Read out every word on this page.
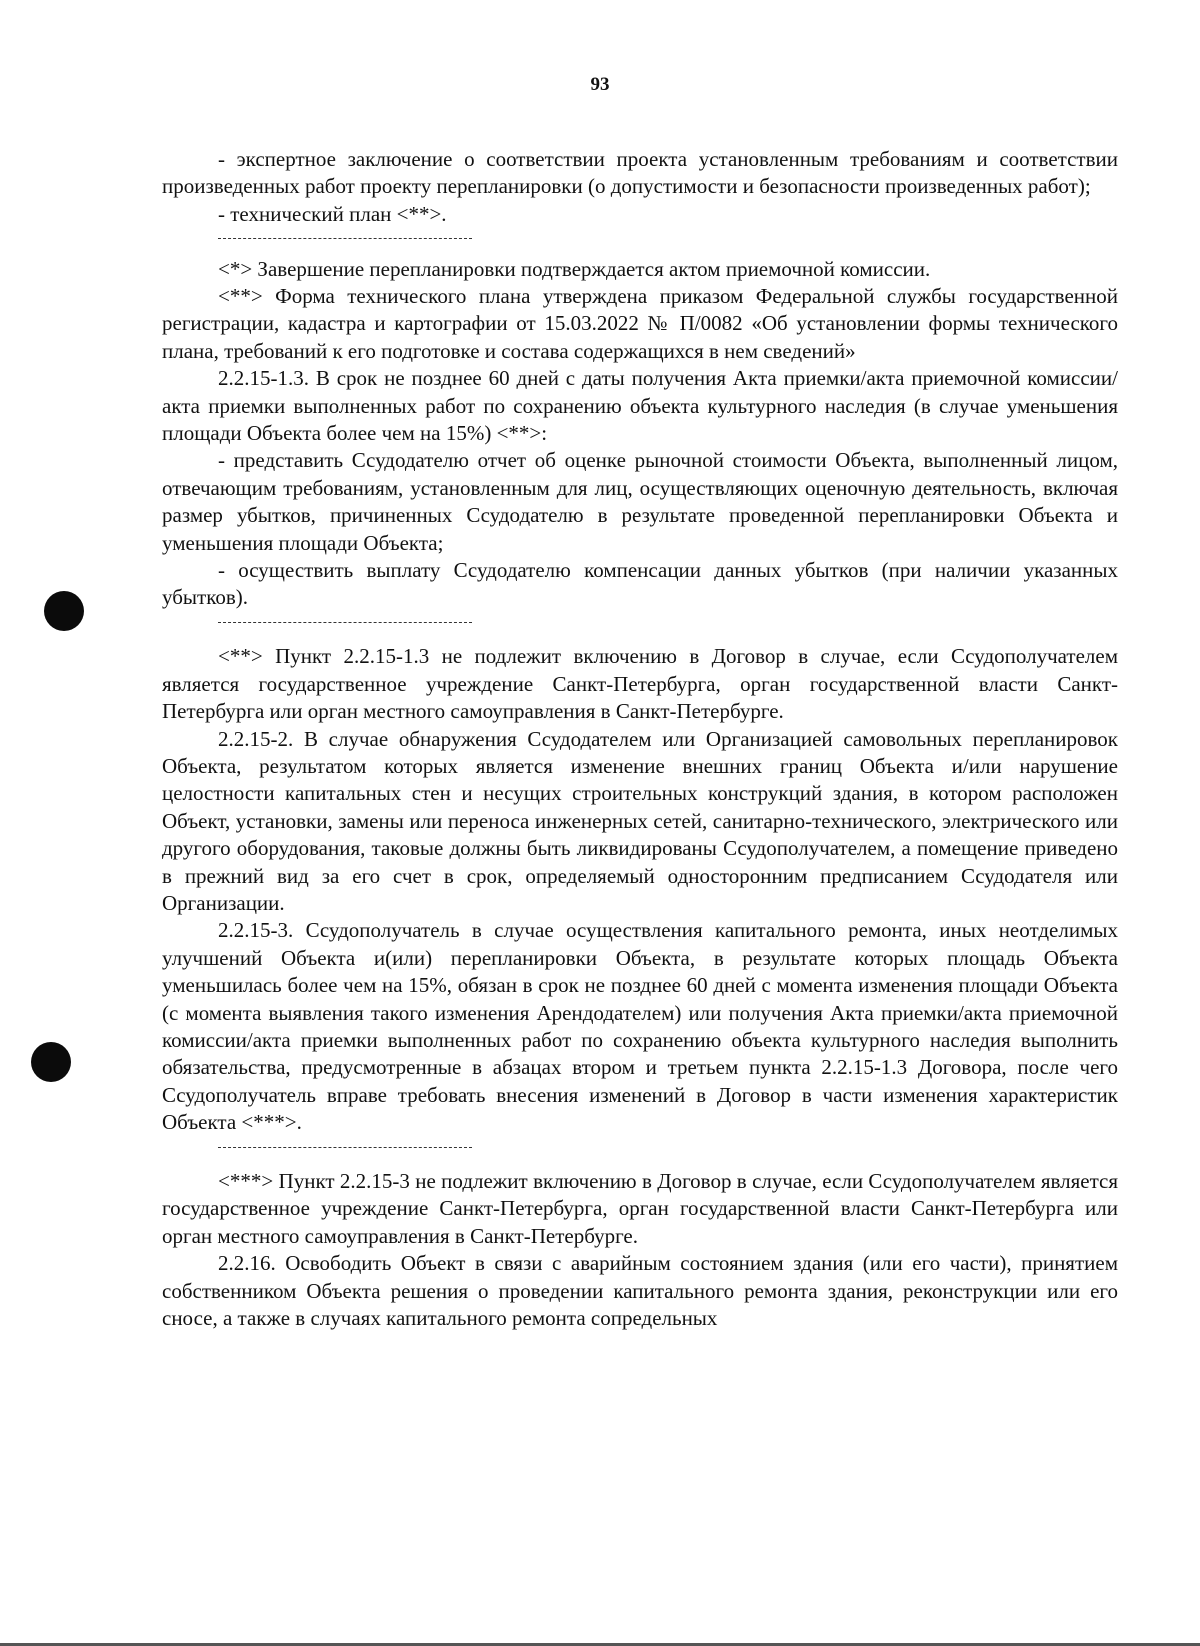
93

- экспертное заключение о соответствии проекта установленным требованиям и соответствии произведенных работ проекту перепланировки (о допустимости и безопасности произведенных работ);

- технический план <**>.

<*> Завершение перепланировки подтверждается актом приемочной комиссии.

<**> Форма технического плана утверждена приказом Федеральной службы государственной регистрации, кадастра и картографии от 15.03.2022 № П/0082 «Об установлении формы технического плана, требований к его подготовке и состава содержащихся в нем сведений»

2.2.15-1.3. В срок не позднее 60 дней с даты получения Акта приемки/акта приемочной комиссии/акта приемки выполненных работ по сохранению объекта культурного наследия (в случае уменьшения площади Объекта более чем на 15%) <**>:

- представить Ссудодателю отчет об оценке рыночной стоимости Объекта, выполненный лицом, отвечающим требованиям, установленным для лиц, осуществляющих оценочную деятельность, включая размер убытков, причиненных Ссудодателю в результате проведенной перепланировки Объекта и уменьшения площади Объекта;

- осуществить выплату Ссудодателю компенсации данных убытков (при наличии указанных убытков).

<**> Пункт 2.2.15-1.3 не подлежит включению в Договор в случае, если Ссудополучателем является государственное учреждение Санкт-Петербурга, орган государственной власти Санкт-Петербурга или орган местного самоуправления в Санкт-Петербурге.

2.2.15-2. В случае обнаружения Ссудодателем или Организацией самовольных перепланировок Объекта, результатом которых является изменение внешних границ Объекта и/или нарушение целостности капитальных стен и несущих строительных конструкций здания, в котором расположен Объект, установки, замены или переноса инженерных сетей, санитарно-технического, электрического или другого оборудования, таковые должны быть ликвидированы Ссудополучателем, а помещение приведено в прежний вид за его счет в срок, определяемый односторонним предписанием Ссудодателя или Организации.

2.2.15-3. Ссудополучатель в случае осуществления капитального ремонта, иных неотделимых улучшений Объекта и(или) перепланировки Объекта, в результате которых площадь Объекта уменьшилась более чем на 15%, обязан в срок не позднее 60 дней с момента изменения площади Объекта (с момента выявления такого изменения Арендодателем) или получения Акта приемки/акта приемочной комиссии/акта приемки выполненных работ по сохранению объекта культурного наследия выполнить обязательства, предусмотренные в абзацах втором и третьем пункта 2.2.15-1.3 Договора, после чего Ссудополучатель вправе требовать внесения изменений в Договор в части изменения характеристик Объекта <***>.

<***> Пункт 2.2.15-3 не подлежит включению в Договор в случае, если Ссудополучателем является государственное учреждение Санкт-Петербурга, орган государственной власти Санкт-Петербурга или орган местного самоуправления в Санкт-Петербурге.

2.2.16. Освободить Объект в связи с аварийным состоянием здания (или его части), принятием собственником Объекта решения о проведении капитального ремонта здания, реконструкции или его сносе, а также в случаях капитального ремонта сопредельных
